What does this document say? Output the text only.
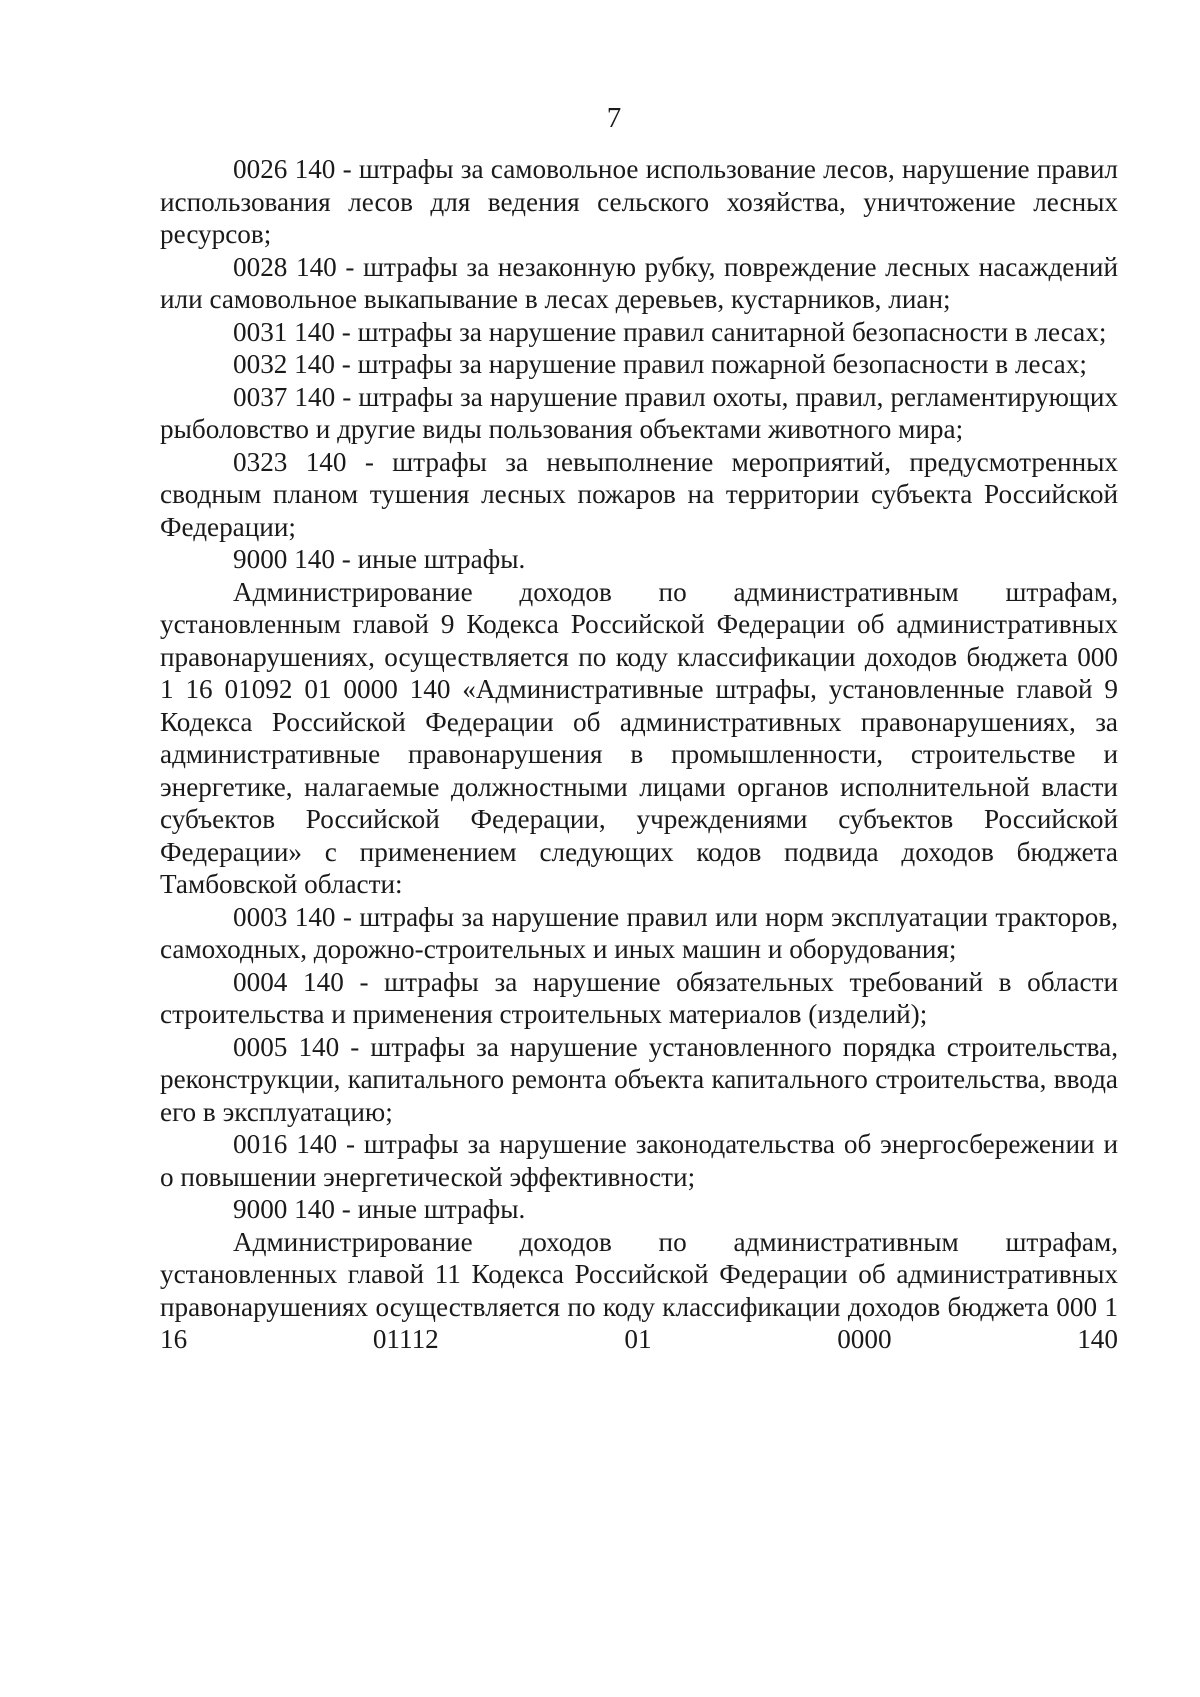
7

0026 140 - штрафы за самовольное использование лесов, нарушение правил использования лесов для ведения сельского хозяйства, уничтожение лесных ресурсов;

0028 140 - штрафы за незаконную рубку, повреждение лесных насаждений или самовольное выкапывание в лесах деревьев, кустарников, лиан;

0031 140 - штрафы за нарушение правил санитарной безопасности в лесах;

0032 140 - штрафы за нарушение правил пожарной безопасности в лесах;

0037 140 - штрафы за нарушение правил охоты, правил, регламентирующих рыболовство и другие виды пользования объектами животного мира;

0323 140 - штрафы за невыполнение мероприятий, предусмотренных сводным планом тушения лесных пожаров на территории субъекта Российской Федерации;

9000 140 - иные штрафы.

Администрирование доходов по административным штрафам, установленным главой 9 Кодекса Российской Федерации об административных правонарушениях, осуществляется по коду классификации доходов бюджета 000 1 16 01092 01 0000 140 «Административные штрафы, установленные главой 9 Кодекса Российской Федерации об административных правонарушениях, за административные правонарушения в промышленности, строительстве и энергетике, налагаемые должностными лицами органов исполнительной власти субъектов Российской Федерации, учреждениями субъектов Российской Федерации» с применением следующих кодов подвида доходов бюджета Тамбовской области:

0003 140 - штрафы за нарушение правил или норм эксплуатации тракторов, самоходных, дорожно-строительных и иных машин и оборудования;

0004 140 - штрафы за нарушение обязательных требований в области строительства и применения строительных материалов (изделий);

0005 140 - штрафы за нарушение установленного порядка строительства, реконструкции, капитального ремонта объекта капитального строительства, ввода его в эксплуатацию;

0016 140 - штрафы за нарушение законодательства об энергосбережении и о повышении энергетической эффективности;

9000 140 - иные штрафы.

Администрирование доходов по административным штрафам, установленных главой 11 Кодекса Российской Федерации об административных правонарушениях осуществляется по коду классификации доходов бюджета 000 1 16 01112 01 0000 140
